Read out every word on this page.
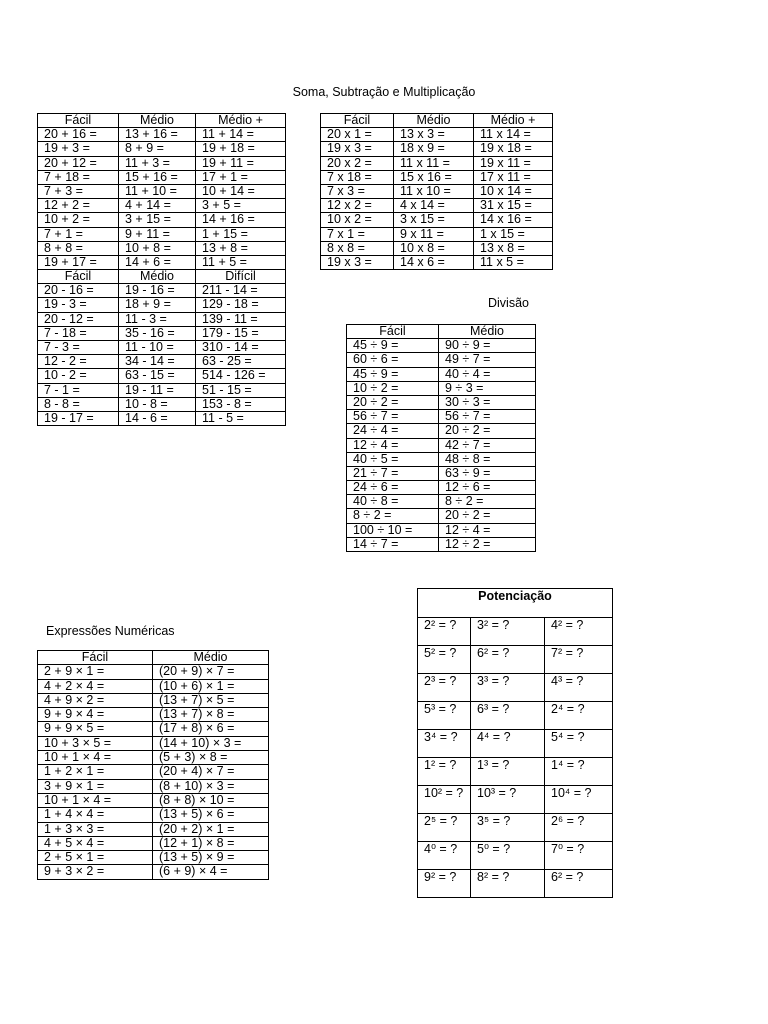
Soma, Subtração e Multiplicação
Fácil	Médio	Médio +
20 + 16 =	13 + 16 =	11 + 14 =
19 + 3 =	8 + 9 =	19 + 18 =
20 + 12 =	11 + 3 =	19 + 11 =
7 + 18 =	15 + 16 =	17 + 1 =
7 + 3 =	11 + 10 =	10 + 14 =
12 + 2 =	4 + 14 =	3 + 5 =
10 + 2 =	3 + 15 =	14 + 16 =
7 + 1 =	9 + 11 =	1 + 15 =
8 + 8 =	10 + 8 =	13 + 8 =
19 + 17 =	14 + 6 =	11 + 5 =
Fácil	Médio	Difícil
20 - 16 =	19 - 16 =	211 - 14 =
19 - 3 =	18 + 9 =	129 - 18 =
20 - 12 =	11 - 3 =	139 - 11 =
7 - 18 =	35 - 16 =	179 - 15 =
7 - 3 =	11 - 10 =	310 - 14 =
12 - 2 =	34 - 14 =	63 - 25 =
10 - 2 =	63 - 15 =	514 - 126 =
7 - 1 =	19 - 11 =	51 - 15 =
8 - 8 =	10 - 8 =	153 - 8 =
19 - 17 =	14 - 6 =	11 - 5 =
Fácil	Médio	Médio +
20 x 1 =	13 x 3 =	11 x 14 =
19 x 3 =	18 x 9 =	19 x 18 =
20 x 2 =	11 x 11 =	19 x 11 =
7 x 18 =	15 x 16 =	17 x 11 =
7 x 3 =	11 x 10 =	10 x 14 =
12 x 2 =	4 x 14 =	31 x 15 =
10 x 2 =	3 x 15 =	14 x 16 =
7 x 1 =	9 x 11 =	1 x 15 =
8 x 8 =	10 x 8 =	13 x 8 =
19 x 3 =	14 x 6 =	11 x 5 =
Divisão
Fácil	Médio
45 ÷ 9 =	90 ÷ 9 =
60 ÷ 6 =	49 ÷ 7 =
45 ÷ 9 =	40 ÷ 4 =
10 ÷ 2 =	9 ÷ 3 =
20 ÷ 2 =	30 ÷ 3 =
56 ÷ 7 =	56 ÷ 7 =
24 ÷ 4 =	20 ÷ 2 =
12 ÷ 4 =	42 ÷ 7 =
40 ÷ 5 =	48 ÷ 8 =
21 ÷ 7 =	63 ÷ 9 =
24 ÷ 6 =	12 ÷ 6 =
40 ÷ 8 =	8 ÷ 2 =
8 ÷ 2 =	20 ÷ 2 =
100 ÷ 10 =	12 ÷ 4 =
14 ÷ 7 =	12 ÷ 2 =
Expressões Numéricas
Fácil	Médio
2 + 9 × 1 =	(20 + 9) × 7 =
4 + 2 × 4 =	(10 + 6) × 1 =
4 + 9 × 2 =	(13 + 7) × 5 =
9 + 9 × 4 =	(13 + 7) × 8 =
9 + 9 × 5 =	(17 + 8) × 6 =
10 + 3 × 5 =	(14 + 10) × 3 =
10 + 1 × 4 =	(5 + 3) × 8 =
1 + 2 × 1 =	(20 + 4) × 7 =
3 + 9 × 1 =	(8 + 10) × 3 =
10 + 1 × 4 =	(8 + 8) × 10 =
1 + 4 × 4 =	(13 + 5) × 6 =
1 + 3 × 3 =	(20 + 2) × 1 =
4 + 5 × 4 =	(12 + 1) × 8 =
2 + 5 × 1 =	(13 + 5) × 9 =
9 + 3 × 2 =	(6 + 9) × 4 =
Potenciação
2² = ?	3² = ?	4² = ?
5² = ?	6² = ?	7² = ?
2³ = ?	3³ = ?	4³ = ?
5³ = ?	6³ = ?	2⁴ = ?
3⁴ = ?	4⁴ = ?	5⁴ = ?
1² = ?	1³ = ?	1⁴ = ?
10² = ?	10³ = ?	10⁴ = ?
2⁵ = ?	3⁵ = ?	2⁶ = ?
4⁰ = ?	5⁰ = ?	7⁰ = ?
9² = ?	8² = ?	6² = ?
